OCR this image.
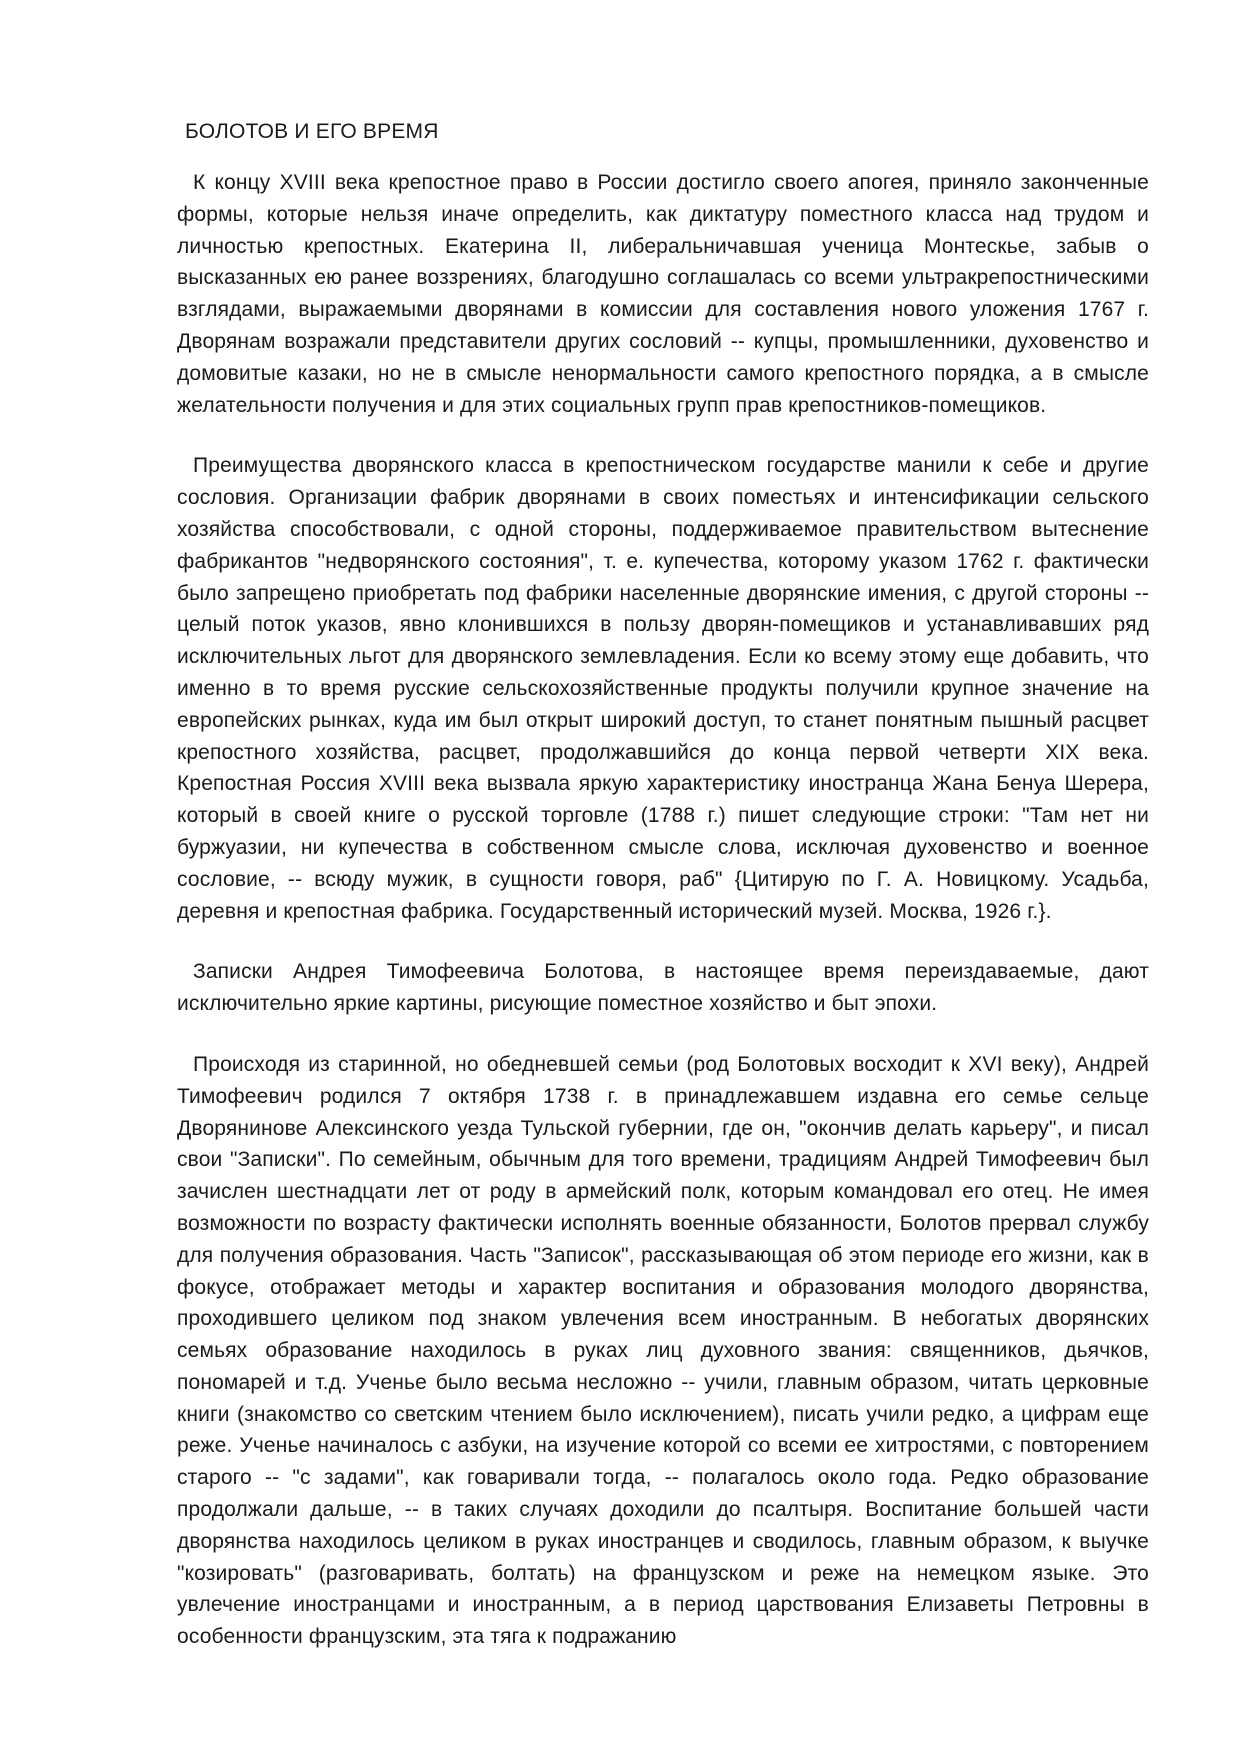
БОЛОТОВ И ЕГО ВРЕМЯ

К концу XVIII века крепостное право в России достигло своего апогея, приняло законченные формы, которые нельзя иначе определить, как диктатуру поместного класса над трудом и личностью крепостных. Екатерина II, либеральничавшая ученица Монтескье, забыв о высказанных ею ранее воззрениях, благодушно соглашалась со всеми ультракрепостническими взглядами, выражаемыми дворянами в комиссии для составления нового уложения 1767 г. Дворянам возражали представители других сословий -- купцы, промышленники, духовенство и домовитые казаки, но не в смысле ненормальности самого крепостного порядка, а в смысле желательности получения и для этих социальных групп прав крепостников-помещиков.

Преимущества дворянского класса в крепостническом государстве манили к себе и другие сословия. Организации фабрик дворянами в своих поместьях и интенсификации сельского хозяйства способствовали, с одной стороны, поддерживаемое правительством вытеснение фабрикантов "недворянского состояния", т. е. купечества, которому указом 1762 г. фактически было запрещено приобретать под фабрики населенные дворянские имения, с другой стороны -- целый поток указов, явно клонившихся в пользу дворян-помещиков и устанавливавших ряд исключительных льгот для дворянского землевладения. Если ко всему этому еще добавить, что именно в то время русские сельскохозяйственные продукты получили крупное значение на европейских рынках, куда им был открыт широкий доступ, то станет понятным пышный расцвет крепостного хозяйства, расцвет, продолжавшийся до конца первой четверти XIX века. Крепостная Россия XVIII века вызвала яркую характеристику иностранца Жана Бенуа Шерера, который в своей книге о русской торговле (1788 г.) пишет следующие строки: "Там нет ни буржуазии, ни купечества в собственном смысле слова, исключая духовенство и военное сословие, -- всюду мужик, в сущности говоря, раб" {Цитирую по Г. А. Новицкому. Усадьба, деревня и крепостная фабрика. Государственный исторический музей. Москва, 1926 г.}.

Записки Андрея Тимофеевича Болотова, в настоящее время переиздаваемые, дают исключительно яркие картины, рисующие поместное хозяйство и быт эпохи.

Происходя из старинной, но обедневшей семьи (род Болотовых восходит к XVI веку), Андрей Тимофеевич родился 7 октября 1738 г. в принадлежавшем издавна его семье сельце Дворянинове Алексинского уезда Тульской губернии, где он, "окончив делать карьеру", и писал свои "Записки". По семейным, обычным для того времени, традициям Андрей Тимофеевич был зачислен шестнадцати лет от роду в армейский полк, которым командовал его отец. Не имея возможности по возрасту фактически исполнять военные обязанности, Болотов прервал службу для получения образования. Часть "Записок", рассказывающая об этом периоде его жизни, как в фокусе, отображает методы и характер воспитания и образования молодого дворянства, проходившего целиком под знаком увлечения всем иностранным. В небогатых дворянских семьях образование находилось в руках лиц духовного звания: священников, дьячков, пономарей и т.д. Ученье было весьма несложно -- учили, главным образом, читать церковные книги (знакомство со светским чтением было исключением), писать учили редко, а цифрам еще реже. Ученье начиналось с азбуки, на изучение которой со всеми ее хитростями, с повторением старого -- "с задами", как говаривали тогда, -- полагалось около года. Редко образование продолжали дальше, -- в таких случаях доходили до псалтыря. Воспитание большей части дворянства находилось целиком в руках иностранцев и сводилось, главным образом, к выучке "козировать" (разговаривать, болтать) на французском и реже на немецком языке. Это увлечение иностранцами и иностранным, а в период царствования Елизаветы Петровны в особенности французским, эта тяга к подражанию
